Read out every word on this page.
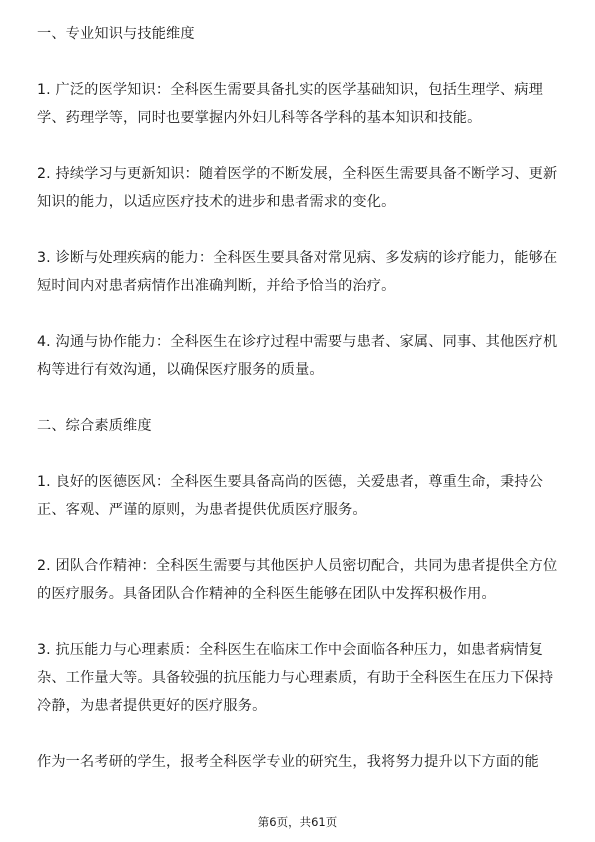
一、专业知识与技能维度

1. 广泛的医学知识：全科医生需要具备扎实的医学基础知识，包括生理学、病理学、药理学等，同时也要掌握内外妇儿科等各学科的基本知识和技能。

2. 持续学习与更新知识：随着医学的不断发展，全科医生需要具备不断学习、更新知识的能力，以适应医疗技术的进步和患者需求的变化。

3. 诊断与处理疾病的能力：全科医生要具备对常见病、多发病的诊疗能力，能够在短时间内对患者病情作出准确判断，并给予恰当的治疗。

4. 沟通与协作能力：全科医生在诊疗过程中需要与患者、家属、同事、其他医疗机构等进行有效沟通，以确保医疗服务的质量。

二、综合素质维度

1. 良好的医德医风：全科医生要具备高尚的医德，关爱患者，尊重生命，秉持公正、客观、严谨的原则，为患者提供优质医疗服务。

2. 团队合作精神：全科医生需要与其他医护人员密切配合，共同为患者提供全方位的医疗服务。具备团队合作精神的全科医生能够在团队中发挥积极作用。

3. 抗压能力与心理素质：全科医生在临床工作中会面临各种压力，如患者病情复杂、工作量大等。具备较强的抗压能力与心理素质，有助于全科医生在压力下保持冷静，为患者提供更好的医疗服务。

作为一名考研的学生，报考全科医学专业的研究生，我将努力提升以下方面的能

第6页，共61页
